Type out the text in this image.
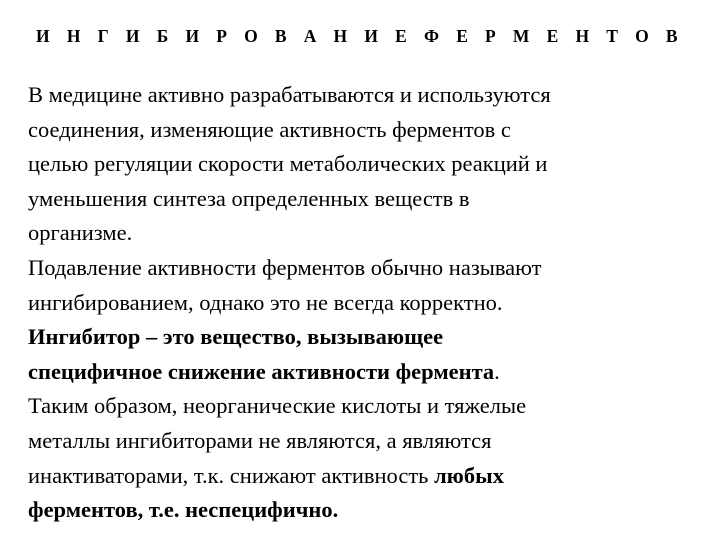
И Н Г И Б И Р О В А Н И Е Ф Е Р М Е Н Т О В
В медицине активно разрабатываются и используются
соединения, изменяющие активность ферментов с
целью регуляции скорости метаболических реакций и
уменьшения синтеза определенных веществ в
организме.
Подавление активности ферментов обычно называют
ингибированием, однако это не всегда корректно.
Ингибитор – это вещество, вызывающее
специфичное снижение активности фермента.
Таким образом, неорганические кислоты и тяжелые
металлы ингибиторами не являются, а являются
инактиваторами, т.к. снижают активность любых
ферментов, т.е. неспецифично.
